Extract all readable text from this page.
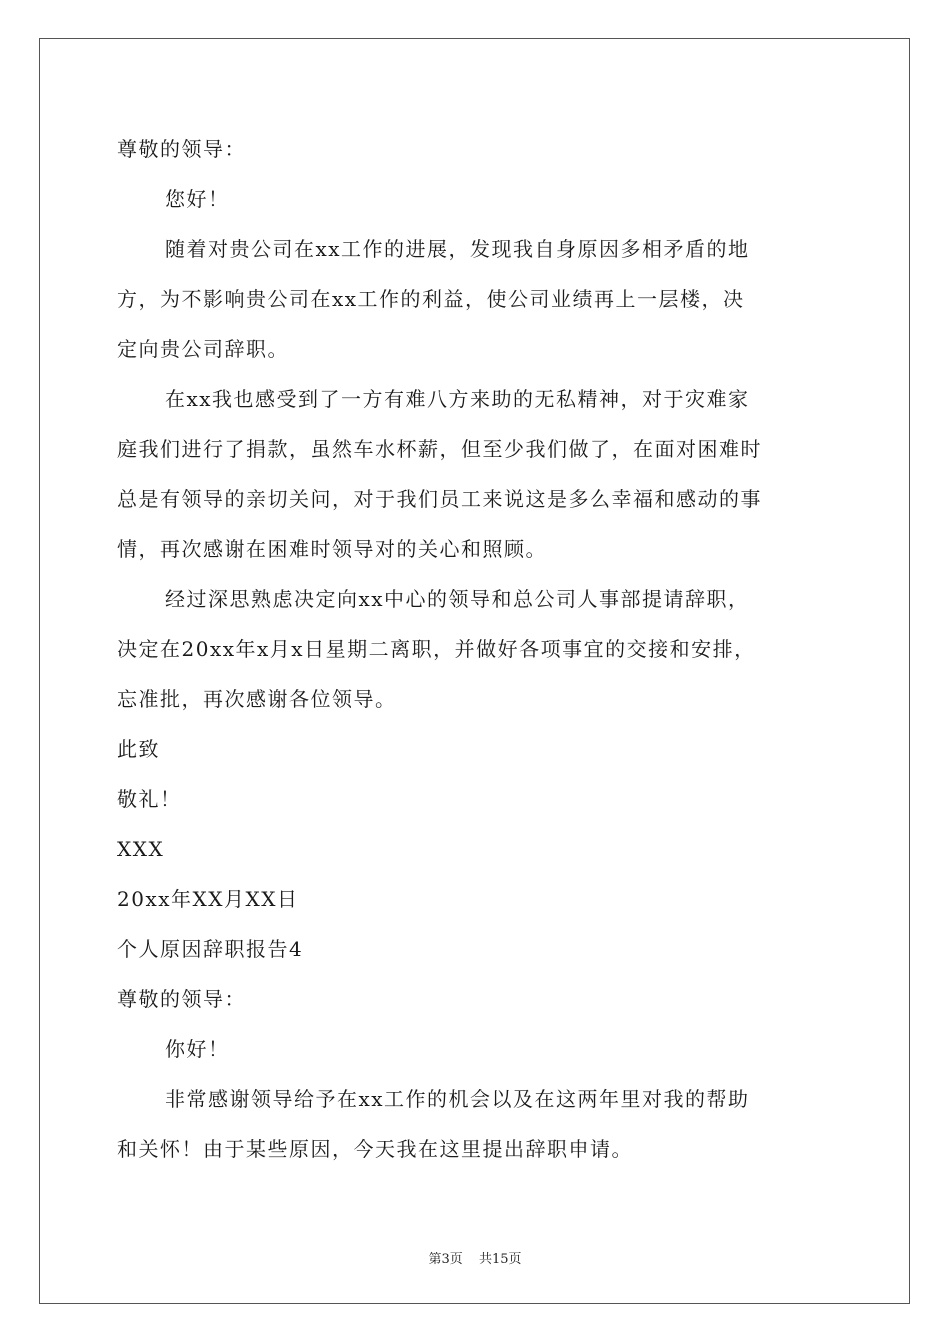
尊敬的领导：
您好！
随着对贵公司在xx工作的进展，发现我自身原因多相矛盾的地
方，为不影响贵公司在xx工作的利益，使公司业绩再上一层楼，决
定向贵公司辞职。
在xx我也感受到了一方有难八方来助的无私精神，对于灾难家
庭我们进行了捐款，虽然车水杯薪，但至少我们做了，在面对困难时
总是有领导的亲切关问，对于我们员工来说这是多么幸福和感动的事
情，再次感谢在困难时领导对的关心和照顾。
经过深思熟虑决定向xx中心的领导和总公司人事部提请辞职，
决定在20xx年x月x日星期二离职，并做好各项事宜的交接和安排，
忘准批，再次感谢各位领导。
此致
敬礼！
XXX
20xx年XX月XX日
个人原因辞职报告4
尊敬的领导：
你好！
非常感谢领导给予在xx工作的机会以及在这两年里对我的帮助
和关怀！由于某些原因，今天我在这里提出辞职申请。
第3页 共15页
